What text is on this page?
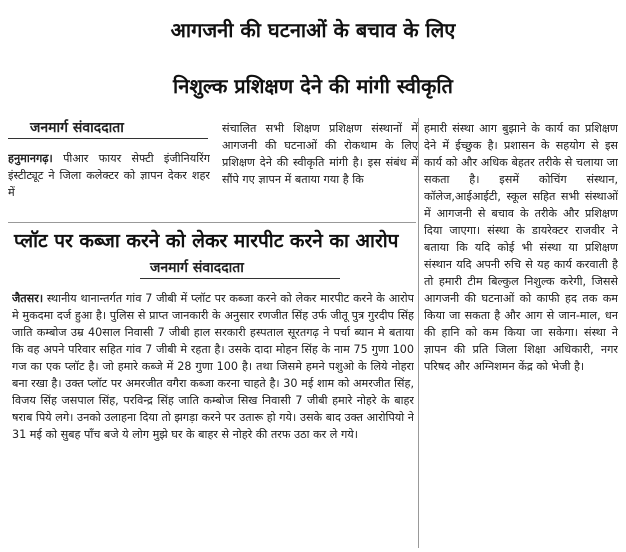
आगजनी की घटनाओं के बचाव के लिए
निशुल्क प्रशिक्षण देने की मांगी स्वीकृति
जनमार्ग संवाददाता

हनुमानगढ़। पीआर फायर सेफ्टी इंजीनियरिंग इंस्टीट्यूट ने जिला कलेक्टर को ज्ञापन देकर शहर में

संचालित सभी शिक्षण प्रशिक्षण संस्थानों में आगजनी की घटनाओं की रोकथाम के लिए प्रशिक्षण देने की स्वीकृति मांगी है। इस संबंध में सौंपे गए ज्ञापन में बताया गया है कि

हमारी संस्था आग बुझाने के कार्य का प्रशिक्षण देने में ईच्छुक है। प्रशासन के सहयोग से इस कार्य को और अधिक बेहतर तरीके से चलाया जा सकता है। इसमें कोचिंग संस्थान, कॉलेज,आईआईटी, स्कूल सहित सभी संस्थाओं में आगजनी से बचाव के तरीके और प्रशिक्षण दिया जाएगा। संस्था के डायरेक्टर राजवीर ने बताया कि यदि कोई भी संस्था या प्रशिक्षण संस्थान यदि अपनी रुचि से यह कार्य करवाती है तो हमारी टीम बिल्कुल निशुल्क करेगी, जिससे आगजनी की घटनाओं को काफी हद तक कम किया जा सकता है और आग से जान-माल, धन की हानि को कम किया जा सकेगा। संस्था ने ज्ञापन की प्रति जिला शिक्षा अधिकारी, नगर परिषद और अग्निशमन केंद्र को भेजी है।

प्लॉट पर कब्जा करने को लेकर मारपीट करने का आरोप
जनमार्ग संवाददाता

जैतसर। स्थानीय थानान्तर्गत गांव 7 जीबी में प्लॉट पर कब्जा करने को लेकर मारपीट करने के आरोप मे मुकदमा दर्ज हुआ है। पुलिस से प्राप्त जानकारी के अनुसार रणजीत सिंह उर्फ जीतू पुत्र गुरदीप सिंह जाति कम्बोज उम्र 40साल निवासी 7 जीबी हाल सरकारी हस्पताल सूरतगढ़ ने पर्चा ब्यान मे बताया कि वह अपने परिवार सहित गांव 7 जीबी मे रहता है। उसके दादा मोहन सिंह के नाम 75 गुणा 100 गज का एक प्लॉट है। जो हमारे कब्जे में 28 गुणा 100 है। तथा जिसमे हमने पशुओ के लिये नोहरा बना रखा है। उक्त प्लॉट पर अमरजीत वगैरा कब्जा करना चाहते है। 30 मई शाम को अमरजीत सिंह, विजय सिंह जसपाल सिंह, परविन्द्र सिंह जाति कम्बोज सिख निवासी 7 जीबी हमारे नोहरे के बाहर षराब पिये लगे। उनको उलाहना दिया तो झगड़ा करने पर उतारू हो गये। उसके बाद उक्त आरोपियो ने 31 मई को सुबह पाँच बजे ये लोग मुझे घर के बाहर से नोहरे की तरफ उठा कर ले गये।
